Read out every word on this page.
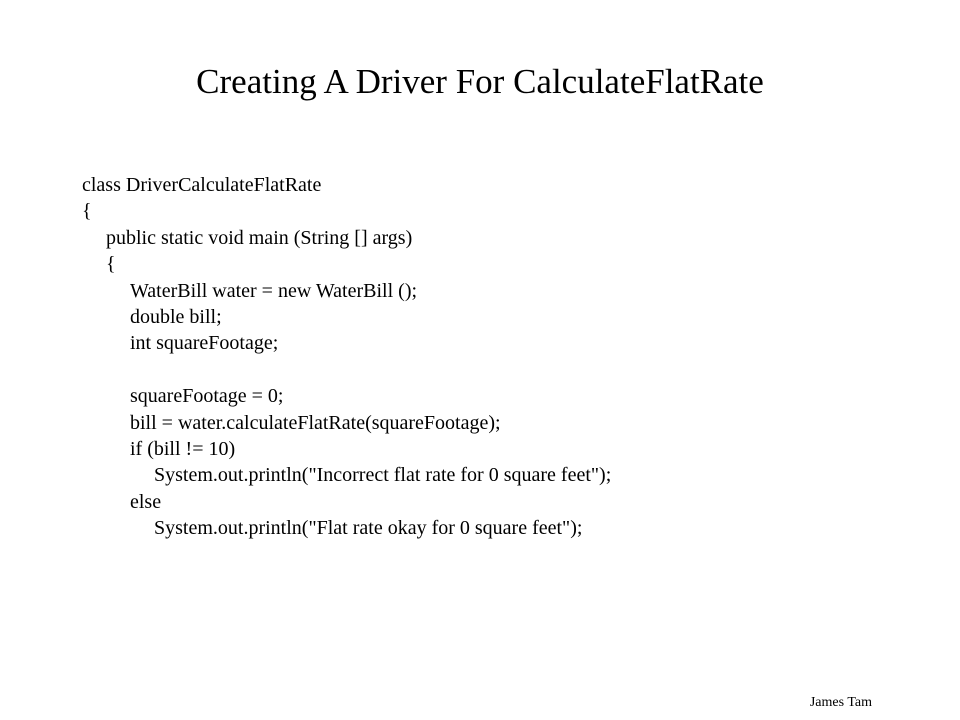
Creating A Driver For CalculateFlatRate
class DriverCalculateFlatRate
{
public static void main (String [] args)
{
WaterBill water = new WaterBill ();
double bill;
int squareFootage;
squareFootage = 0;
bill = water.calculateFlatRate(squareFootage);
if (bill != 10)
System.out.println("Incorrect flat rate for 0 square feet");
else
System.out.println("Flat rate okay for 0 square feet");
James Tam
